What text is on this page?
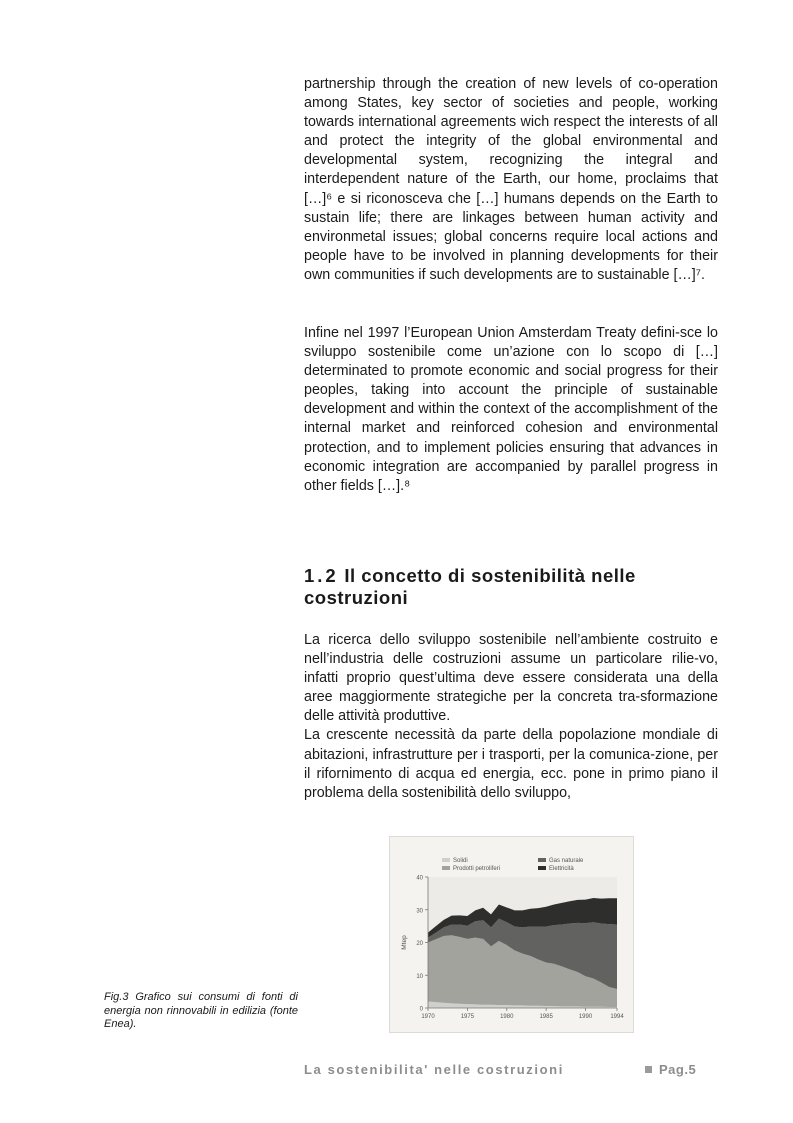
partnership through the creation of new levels of co-operation among States, key sector of societies and people, working towards international agreements wich respect the interests of all and protect the integrity of the global environmental and developmental system, recognizing the integral and interdependent nature of the Earth, our home, proclaims that […]⁶ e si riconosceva che […] humans depends on the Earth to sustain life; there are linkages between human activity and environmetal issues; global concerns require local actions and people have to be involved in planning developments for their own communities if such developments are to sustainable […]⁷.

Infine nel 1997 l’European Union Amsterdam Treaty defini-sce lo sviluppo sostenibile come un’azione con lo scopo di […] determinated to promote economic and social progress for their peoples, taking into account the principle of sustainable development and within the context of the accomplishment of the internal market and reinforced cohesion and environmental protection, and to implement policies ensuring that advances in economic integration are accompanied by parallel progress in other fields […].⁸

1.2 Il concetto di sostenibilità nelle costruzioni

La ricerca dello sviluppo sostenibile nell’ambiente costruito e nell’industria delle costruzioni assume un particolare rilie-vo, infatti proprio quest’ultima deve essere considerata una della aree maggiormente strategiche per la concreta tra-sformazione delle attività produttive.
La crescente necessità da parte della popolazione mondiale di abitazioni, infrastrutture per i trasporti, per la comunica-zione, per il rifornimento di acqua ed energia, ecc. pone in primo piano il problema della sostenibilità dello sviluppo,

0
10
20
30
40
1970	1975	1980	1985	1990	1994
Mtep
Solidi
Prodotti petroliferi
Gas naturale
Elettricità

Fig.3 Grafico sui consumi di fonti di energia non rinnovabili in edilizia (fonte Enea).

La sostenibilita' nelle costruzioni	Pag.5
